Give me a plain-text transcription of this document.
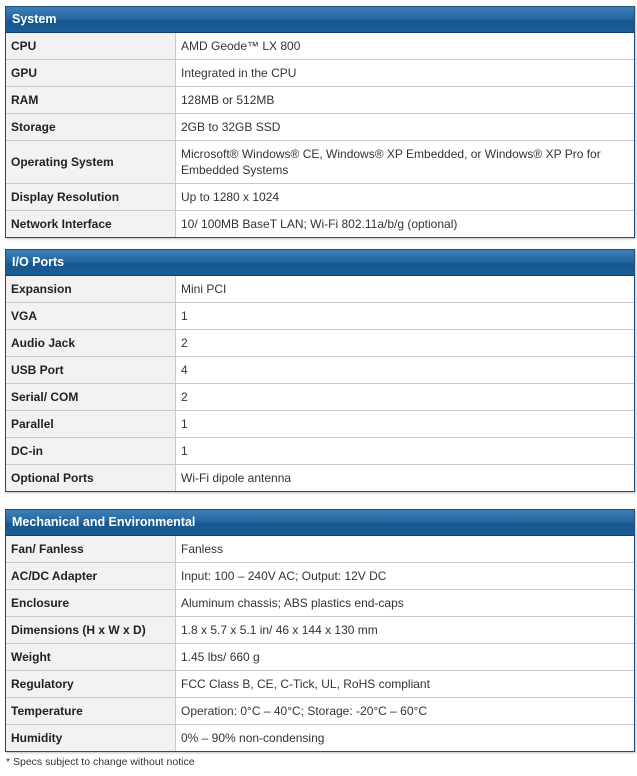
System
CPU	AMD Geode™ LX 800
GPU	Integrated in the CPU
RAM	128MB or 512MB
Storage	2GB to 32GB SSD
Operating System	Microsoft® Windows® CE, Windows® XP Embedded, or Windows® XP Pro for Embedded Systems
Display Resolution	Up to 1280 x 1024
Network Interface	10/ 100MB BaseT LAN; Wi-Fi 802.11a/b/g (optional)
I/O Ports
Expansion	Mini PCI
VGA	1
Audio Jack	2
USB Port	4
Serial/ COM	2
Parallel	1
DC-in	1
Optional Ports	Wi-Fi dipole antenna
Mechanical and Environmental
Fan/ Fanless	Fanless
AC/DC Adapter	Input: 100 – 240V AC; Output: 12V DC
Enclosure	Aluminum chassis; ABS plastics end-caps
Dimensions (H x W x D)	1.8 x 5.7 x 5.1 in/ 46 x 144 x 130 mm
Weight	1.45 lbs/ 660 g
Regulatory	FCC Class B, CE, C-Tick, UL, RoHS compliant
Temperature	Operation: 0°C – 40°C; Storage: -20°C – 60°C
Humidity	0% – 90% non-condensing
* Specs subject to change without notice
